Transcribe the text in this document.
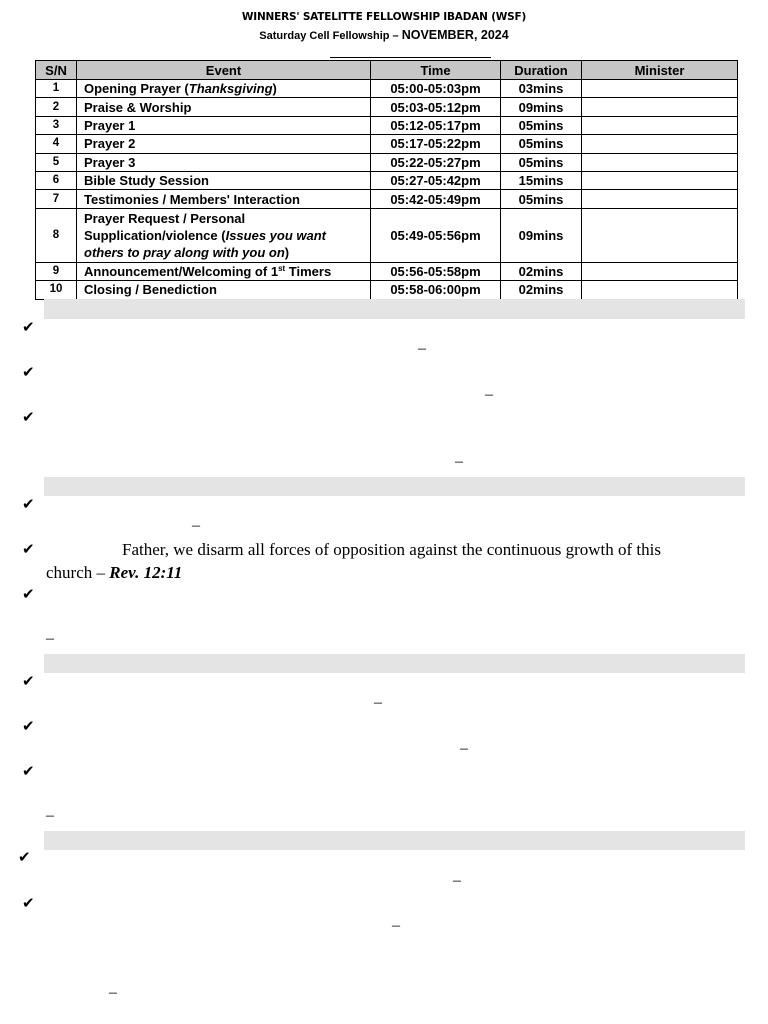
WINNERS' SATELITTE FELLOWSHIP IBADAN (WSF)
Saturday Cell Fellowship – NOVEMBER, 2024
S/N	Event	Time	Duration	Minister
1	Opening Prayer (Thanksgiving)	05:00-05:03pm	03mins	
2	Praise & Worship	05:03-05:12pm	09mins	
3	Prayer 1	05:12-05:17pm	05mins	
4	Prayer 2	05:17-05:22pm	05mins	
5	Prayer 3	05:22-05:27pm	05mins	
6	Bible Study Session	05:27-05:42pm	15mins	
7	Testimonies / Members' Interaction	05:42-05:49pm	05mins	
8	Prayer Request / Personal
Supplication/violence (Issues you want
others to pray along with you on)	05:49-05:56pm	09mins	
9	Announcement/Welcoming of 1st Timers	05:56-05:58pm	02mins	
10	Closing / Benediction	05:58-06:00pm	02mins	
✔
✔
✔
✔
✔
✔
✔
✔
✔
✔
✔
–
–
–
–
–
–
–
–
–
–
–
Father, we disarm all forces of opposition against the continuous growth of this
church – Rev. 12:11
